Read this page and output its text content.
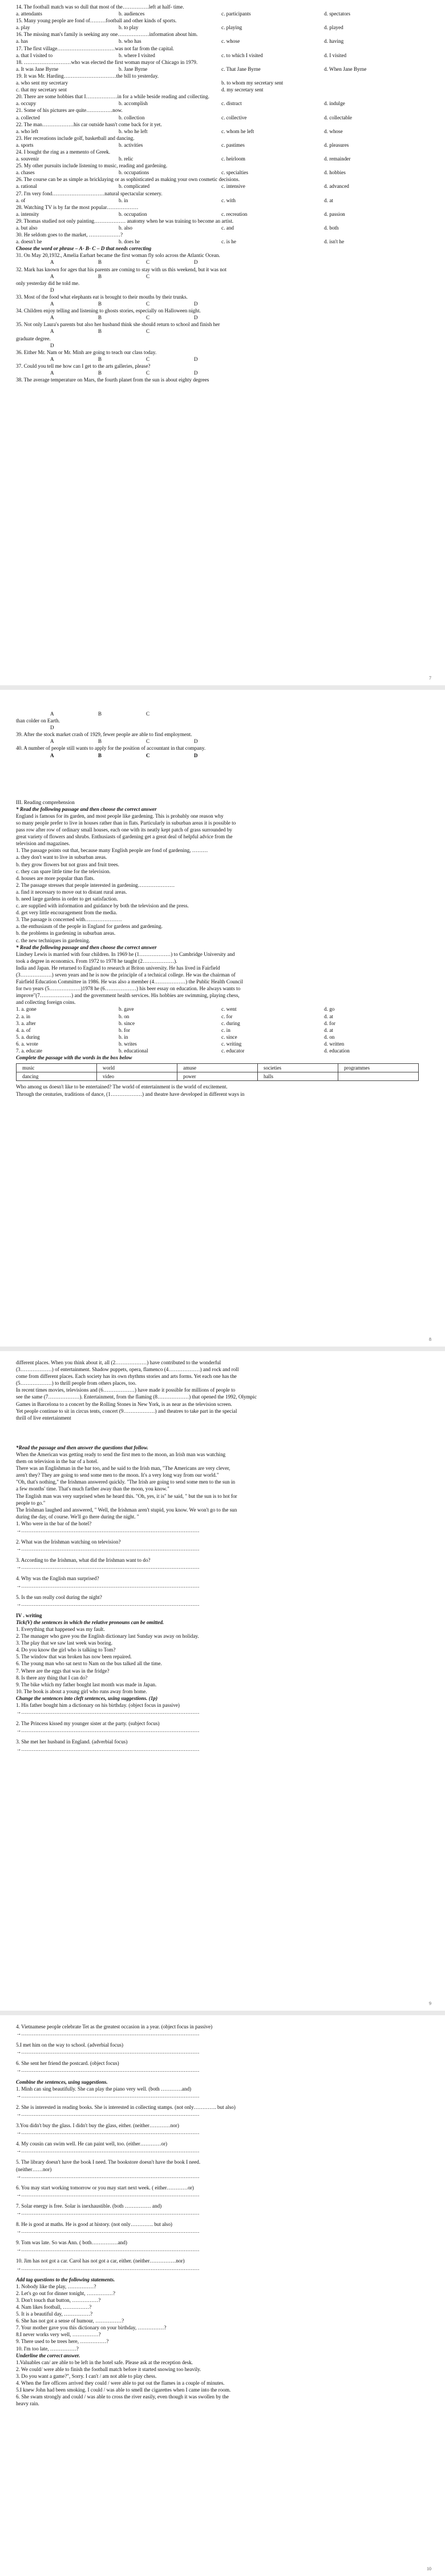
14. The football match was so dull that most of the……………left at half- time.
a. attendants	b. audiences	c. participants	d. spectators
15. Many young people are fond of………football and other kinds of sports.
a. play	b. to play	c. playing	d. played
16. The missing man's family is seeking any one………………information about him.
a. has	b. who has	c. whose	d. having
17. The first village……………………………was not far from the capital.
a. that I visited to	b. where I visited	c. to which I visited	d. I visited
18. ………………………who was elected the first woman mayor of Chicago in 1979.
a. It was Jane Byrne	b. Jane Byrne	c. That Jane Byrne	d. When Jane Byrne
19. It was Mr. Harding…………………………the bill to yesterday.
a. who sent my secretary	b. to whom my secretary sent
c. that my secretary sent	d. my secretary sent
20. There are some hobbies that I………………in for a while beside reading and collecting.
a. occupy	b. accomplish	c. distract	d. indulge
21. Some of his pictures are quite……………now.
a. collected	b. collection	c. collective	d. collectable
22. The man………………his car outside hasn't come back for it yet.
a. who left	b. who he left	c. whom he left	d. whose
23. Her recreations include golf, basketball and dancing.
a. sports	b. activities	c. pastimes	d. pleasures
24. I bought the ring as a memento of Greek.
a. souvenir	b. relic	c. heirloom	d. remainder
25. My other pursuits include listening to music, reading and gardening.
a. chases	b. occupations	c. specialties	d. hobbies
26. The course can be as simple as bricklaying or as sophisticated as making your own cosmetic decisions.
a. rational	b. complicated	c. intensive	d. advanced
27. I'm very fond…………………………natural spectacular scenery.
a. of	b. in	c. with	d. at
28. Watching TV is by far the most popular………………
a. intensity	b. occupation	c. recreation	d. passion
29. Thomas studied not only painting……………… anatomy when he was training to become an artist.
a. but also	b. also	c. and	d. both
30. He seldom goes to the market, ………………?
a. doesn't he	b. does he	c. is he	d. isn't he
Choose the word or phrase – A- B- C – D that needs correcting
31. On May 20,1932., Amelia Earhart became the first woman fly solo across the Atlantic Ocean.
A	B	C	D
32. Mark has known for ages that his parents are coming to stay with us this weekend, but it was not
A	B	C
only yesterday did he told me.
D
33. Most of the food what elephants eat is brought to their mouths by their trunks.
A	B	C	D
34. Children enjoy telling and listening to ghosts stories, especially on Halloween night.
A	B	C	D
35. Not only Laura's parents but also her husband think she should return to school and finish her
A	B	C
graduate degree.
D
36. Either Mr. Nam or Mr. Minh are going to teach our class today.
A	B	C	D
37. Could you tell me how can I get to the arts galleries, please?
A	B	C	D
38. The average temperature on Mars, the fourth planet from the sun is about eighty degrees
7
A	B	C
than colder on Earth.
D
39. After the stock market crash of 1929, fewer people are able to find employment.
A	B	C	D
40. A number of people still wants to apply for the position of accountant in that company.
A	B	C	D
III. Reading comprehension
* Read the following passage and then choose the correct answer
England is famous for its garden, and most people like gardening. This is probably one reason why
so many people prefer to live in houses rather than in flats. Particularly in suburban areas it is possible to
pass row after row of ordinary small houses, each one with its neatly kept patch of grass surrounded by
great variety of flowers and shrubs. Enthusiasts of gardening get a great deal of helpful advice from the
television and magazines.
1. The passage points out that, because many English people are fond of gardening, ………
a. they don't want to live in suburban areas.
b. they grow flowers but not grass and fruit trees.
c. they can spare little time for the television.
d. houses are more popular than flats.
2. The passage stresses that people interested in gardening…………………
a. find it necessary to move out to distant rural areas.
b. need large gardens in order to get satisfaction.
c. are supplied with information and guidance by both the television and the press.
d. get very little encouragement from the media.
3. The passage is concerned with…………………
a. the enthusiasm of the people in England for gardens and gardening.
b. the problems in gardening in suburban areas.
c. the new techniques in gardening.
* Read the following passage and then choose the correct answer
Lindsey Lewis is married with four children. In 1969 he (1………………) to Cambridge University and
took a degree in economics. From 1972 to 1978 he taught (2………………).
India and Japan. He returned to England to research at Briton university. He has lived in Fairfield
(3………………) seven years and he is now the principle of a technical college. He was the chairman of
Fairfield Education Committee in 1986. He was also a member (4………………) the Public Health Council
for two years (5………………)1978 he (6………………) his beer essay on education. He always wants to
improve"(7………………) and the government health services. His hobbies are swimming, playing chess,
and collecting foreign coins.
1. a. gone	b. gave	c. went	d. go
2. a. in	b. on	c. for	d. at
3. a. after	b. since	c. during	d. for
4. a. of	b. for	c. in	d. at
5. a. during	b. in	c. since	d. on
6. a. wrote	b. writes	c. writing	d. written
7. a. educate	b. educational	c. educator	d. education
Complete the passage with the words in the box below
music	world	amuse	societies	programmes
dancing	video	power	halls	
Who among us doesn't like to be entertained? The world of entertainment is the world of excitement.
Through the centuries, traditions of dance, (1………………) and theatre have developed in different ways in
8
different places. When you think about it, all (2………………) have contributed to the wonderful
(3………………) of entertainment. Shadow puppets, opera, flamenco (4………………) and rock and roll
come from different places. Each society has its own rhythms stories and arts forms. Yet each one has the
(5………………) to thrill people from others places, too.
In recent times movies, televisions and (6………………) have made it possible for millions of people to
see the same (7………………). Entertainment, from the flaming (8………………) that opened the 1992, Olympic
Games in Barcelona to a concert by the Rolling Stones in New York, is as near as the television screen.
Yet people continue to sit in circus tents, concert (9………………) and theatres to take part in the special
thrill of live entertainment
*Read the passage and then answer the questions that follow.
When the American was getting ready to send the first men to the moon, an Irish man was watching
them on television in the bar of a hotel.
There was an Englishman in the bar too, and he said to the Irish man, "The Americans are very clever,
aren't they? They are going to send some men to the moon. It's a very long way from our world."
"Oh, that's nothing," the Irishman answered quickly. "The Irish are going to send some men to the sun in
a few months' time. That's much farther away than the moon, you know."
The English man was very surprised when he heard this. "Oh, yes, it is" he said, " but the sun is to hot for
people to go."
The Irishman laughed and answered, " Well, the Irishman aren't stupid, you know. We won't go to the sun
during the day, of course. We'll go there during the night. "
1. Who were in the bar of the hotel?
→…………………………………………………………………………………………
2. What was the Irishman watching on television?
→…………………………………………………………………………………………
3. According to the Irishman, what did the Irishman want to do?
→…………………………………………………………………………………………
4. Why was the English man surprised?
→…………………………………………………………………………………………
5. Is the sun really cool during the night?
→…………………………………………………………………………………………
IV . writing
Tick(V) the sentences in which the relative pronouns can be omitted.
1. Everything that happened was my fault.
2. The manager who gave you the English dictionary last Sunday was away on holiday.
3. The play that we saw last week was boring.
4. Do you know the girl who is talking to Tom?
5. The window that was broken has now been repaired.
6. The young man who sat next to Nam on the bus talked all the time.
7. Where are the eggs that was in the fridge?
8. Is there any thing that I can do?
9. The bike which my father bought last month was made in Japan.
10. The book is about a young girl who runs away from home.
Change the sentences into cleft sentences, using suggestions. (1p)
1. His father bought him a dictionary on his birthday. (object focus in passive)
→…………………………………………………………………………………………
2. The Princess kissed my younger sister at the party. (subject focus)
→…………………………………………………………………………………………
3. She met her husband in England. (adverbial focus)
→…………………………………………………………………………………………
9
4. Vietnamese people celebrate Tet as the greatest occasion in a year. (object focus in passive)
→…………………………………………………………………………………………
5.I met him on the way to school. (adverbial focus)
→…………………………………………………………………………………………
6. She sent her friend the postcard. (object focus)
→…………………………………………………………………………………………
Combine the sentences, using suggestions.
1. Minh can sing beautifully. She can play the piano very well. (both …………and)
→…………………………………………………………………………………………
2. She is interested in reading books. She is interested in collecting stamps. (not only…………. but also)
→…………………………………………………………………………………………
3.You didn't buy the glass. I didn't buy the glass, either. (neither…………nor)
→…………………………………………………………………………………………
4. My cousin can swim well. He can paint well, too. (either…………or)
→…………………………………………………………………………………………
5. The library doesn't have the book I need. The bookstore doesn't have the book I need.
(neither……nor)
→…………………………………………………………………………………………
6. You may start working tomorrow or you may start next week. ( either…………or)
→…………………………………………………………………………………………
7. Solar energy is free. Solar is inexhaustible. (both …………… and)
→…………………………………………………………………………………………
8. He is good at maths. He is good at history. (not only…………. but also)
→…………………………………………………………………………………………
9. Tom was late. So was Ann. ( both……………and)
→…………………………………………………………………………………………
10. Jim has not got a car. Carol has not got a car, either. (neither……………nor)
→…………………………………………………………………………………………
Add tag questions to the following statements.
1. Nobody like the play, ……………?
2. Let's go out for dinner tonight, ……………?
3. Don't touch that button, ……………?
4. Nam likes football, ……………?
5. It is a beautiful day, ……………?
6. She has not got a sense of humour, ……………?
7. Your mother gave you this dictionary on your birthday, ……………?
8.I never works very well, ……………?
9. There used to be trees here, ……………?
10. I'm too late, ……………?
Underline the correct answer.
1.Valuables can/ are able to be left in the hotel safe. Please ask at the reception desk.
2. We could/ were able to finish the football match before it started snowing too heavily.
3. Do you want a game?", Sorry. I can't / am not able to play chess.
4. When the fire officers arrived they could / were able to put out the flames in a couple of minutes.
5.I knew John had been smoking. I could / was able to smell the cigarettes when I came into the room.
6. She swam strongly and could / was able to cross the river easily, even though it was swollen by the
heavy rain.
10
